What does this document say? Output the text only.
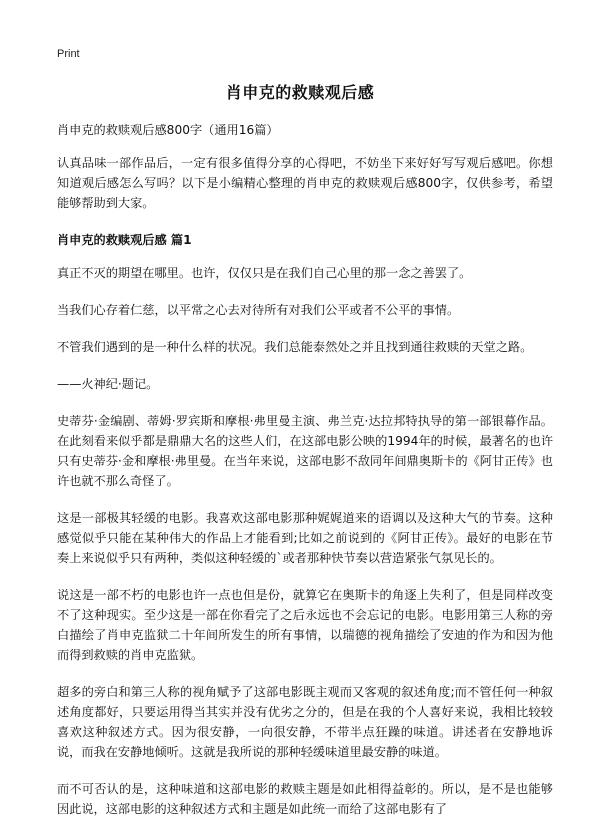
Print
肖申克的救赎观后感

肖申克的救赎观后感800字（通用16篇）

认真品味一部作品后，一定有很多值得分享的心得吧，不妨坐下来好好写写观后感吧。你想知道观后感怎么写吗？以下是小编精心整理的肖申克的救赎观后感800字，仅供参考，希望能够帮助到大家。

肖申克的救赎观后感 篇1

真正不灭的期望在哪里。也许，仅仅只是在我们自己心里的那一念之善罢了。

当我们心存着仁慈，以平常之心去对待所有对我们公平或者不公平的事情。

不管我们遇到的是一种什么样的状况。我们总能泰然处之并且找到通往救赎的天堂之路。

——火神纪·题记。

史蒂芬·金编剧、蒂姆·罗宾斯和摩根·弗里曼主演、弗兰克·达拉邦特执导的第一部银幕作品。在此刻看来似乎都是鼎鼎大名的这些人们，在这部电影公映的1994年的时候，最著名的也许只有史蒂芬·金和摩根·弗里曼。在当年来说，这部电影不敌同年间鼎奥斯卡的《阿甘正传》也许也就不那么奇怪了。

这是一部极其轻缓的电影。我喜欢这部电影那种娓娓道来的语调以及这种大气的节奏。这种感觉似乎只能在某种伟大的作品上才能看到;比如之前说到的《阿甘正传》。最好的电影在节奏上来说似乎只有两种，类似这种轻缓的`或者那种快节奏以营造紧张气氛见长的。

说这是一部不朽的电影也许一点也但是份，就算它在奥斯卡的角逐上失利了，但是同样改变不了这种现实。至少这是一部在你看完了之后永远也不会忘记的电影。电影用第三人称的旁白描绘了肖申克监狱二十年间所发生的所有事情，以瑞德的视角描绘了安迪的作为和因为他而得到救赎的肖申克监狱。

超多的旁白和第三人称的视角赋予了这部电影既主观而又客观的叙述角度;而不管任何一种叙述角度都好，只要运用得当其实并没有优劣之分的，但是在我的个人喜好来说，我相比较较喜欢这种叙述方式。因为很安静，一向很安静，不带半点狂躁的味道。讲述者在安静地诉说，而我在安静地倾听。这就是我所说的那种轻缓味道里最安静的味道。

而不可否认的是，这种味道和这部电影的救赎主题是如此相得益彰的。所以，是不是也能够因此说，这部电影的这种叙述方式和主题是如此统一而给了这部电影有了
